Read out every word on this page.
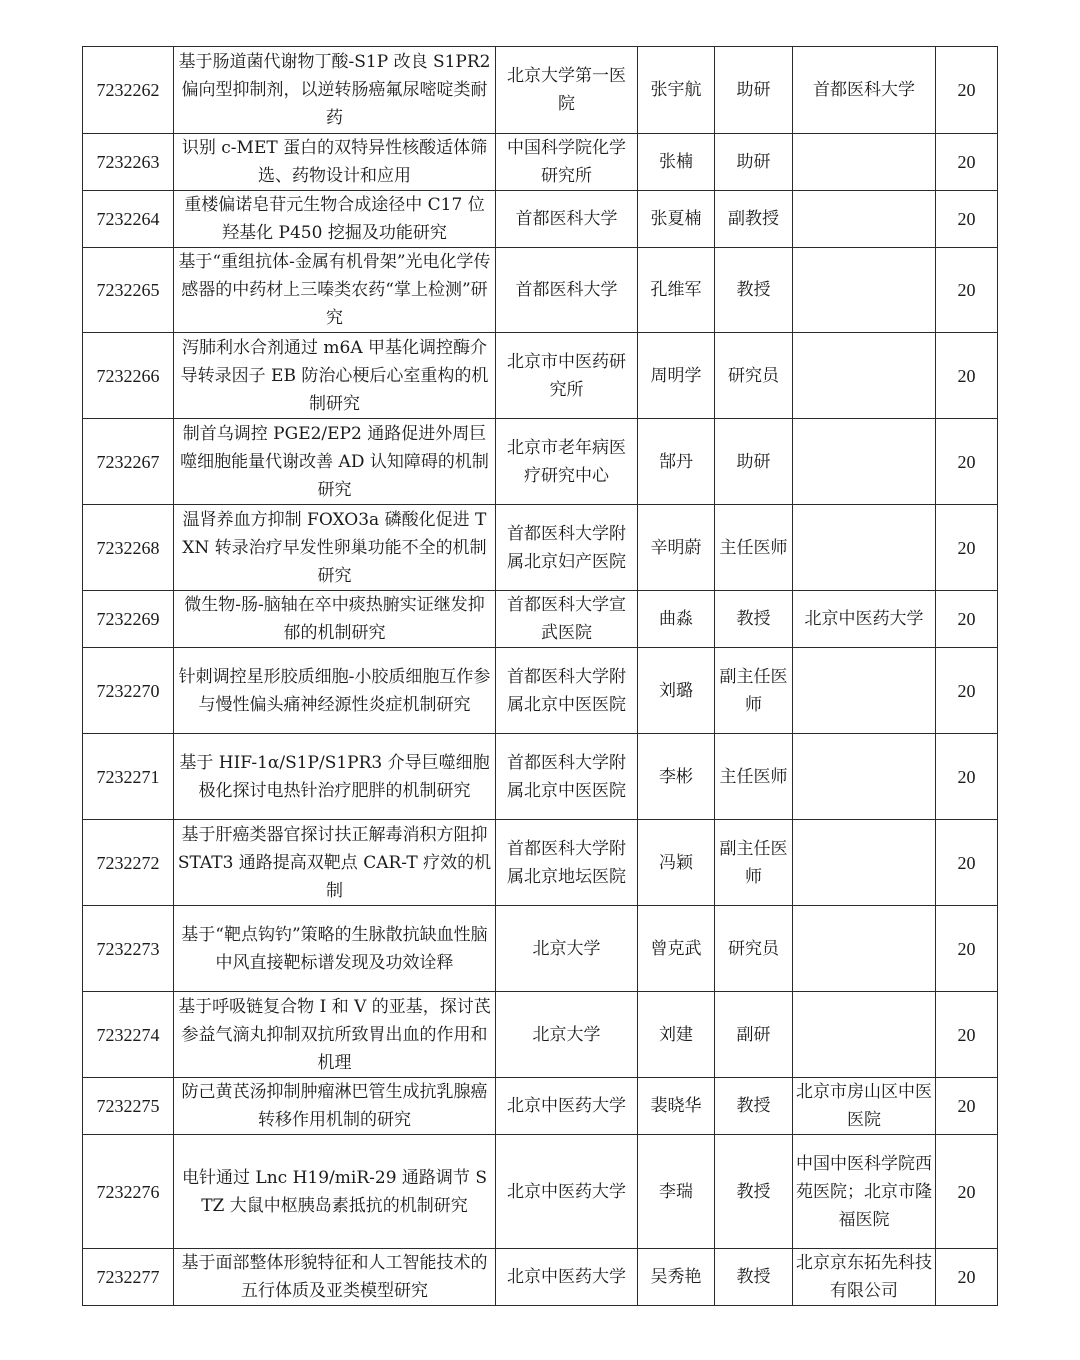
7232262	基于肠道菌代谢物丁酸-S1P 改良 S1PR2 偏向型抑制剂，以逆转肠癌氟尿嘧啶类耐药	北京大学第一医院	张宇航	助研	首都医科大学	20
7232263	识别 c-MET 蛋白的双特异性核酸适体筛选、药物设计和应用	中国科学院化学研究所	张楠	助研		20
7232264	重楼偏诺皂苷元生物合成途径中 C17 位羟基化 P450 挖掘及功能研究	首都医科大学	张夏楠	副教授		20
7232265	基于“重组抗体-金属有机骨架”光电化学传感器的中药材上三嗪类农药“掌上检测”研究	首都医科大学	孔维军	教授		20
7232266	泻肺利水合剂通过 m6A 甲基化调控酶介导转录因子 EB 防治心梗后心室重构的机制研究	北京市中医药研究所	周明学	研究员		20
7232267	制首乌调控 PGE2/EP2 通路促进外周巨噬细胞能量代谢改善 AD 认知障碍的机制研究	北京市老年病医疗研究中心	郜丹	助研		20
7232268	温肾养血方抑制 FOXO3a 磷酸化促进 TXN 转录治疗早发性卵巢功能不全的机制研究	首都医科大学附属北京妇产医院	辛明蔚	主任医师		20
7232269	微生物-肠-脑轴在卒中痰热腑实证继发抑郁的机制研究	首都医科大学宣武医院	曲淼	教授	北京中医药大学	20
7232270	针刺调控星形胶质细胞-小胶质细胞互作参与慢性偏头痛神经源性炎症机制研究	首都医科大学附属北京中医医院	刘璐	副主任医师		20
7232271	基于 HIF-1α/S1P/S1PR3 介导巨噬细胞极化探讨电热针治疗肥胖的机制研究	首都医科大学附属北京中医医院	李彬	主任医师		20
7232272	基于肝癌类器官探讨扶正解毒消积方阻抑 STAT3 通路提高双靶点 CAR-T 疗效的机制	首都医科大学附属北京地坛医院	冯颖	副主任医师		20
7232273	基于“靶点钩钓”策略的生脉散抗缺血性脑中风直接靶标谱发现及功效诠释	北京大学	曾克武	研究员		20
7232274	基于呼吸链复合物 I 和 V 的亚基，探讨芪参益气滴丸抑制双抗所致胃出血的作用和机理	北京大学	刘建	副研		20
7232275	防己黄芪汤抑制肿瘤淋巴管生成抗乳腺癌转移作用机制的研究	北京中医药大学	裴晓华	教授	北京市房山区中医医院	20
7232276	电针通过 Lnc H19/miR-29 通路调节 STZ 大鼠中枢胰岛素抵抗的机制研究	北京中医药大学	李瑞	教授	中国中医科学院西苑医院；北京市隆福医院	20
7232277	基于面部整体形貌特征和人工智能技术的五行体质及亚类模型研究	北京中医药大学	吴秀艳	教授	北京京东拓先科技有限公司	20
